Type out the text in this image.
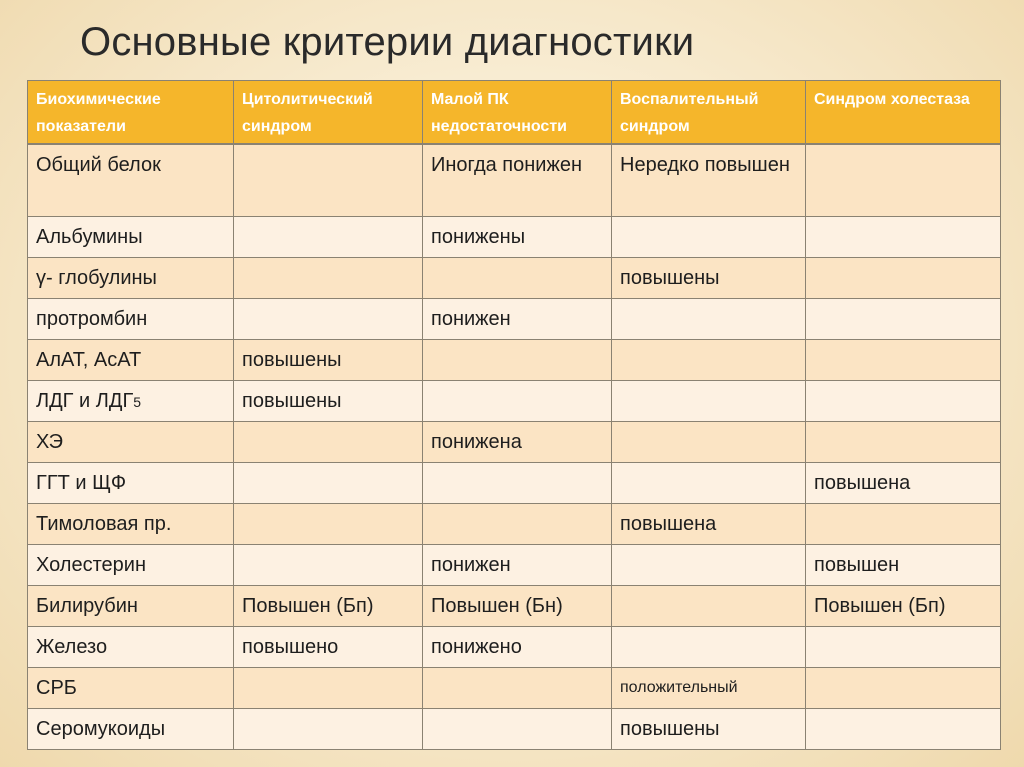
Основные критерии диагностики
Биохимические показатели	Цитолитический синдром	Малой ПК недостаточности	Воспалительный синдром	Синдром холестаза
Общий белок		Иногда понижен	Нередко повышен	
Альбумины		понижены		
γ- глобулины			повышены	
протромбин		понижен		
АлАТ, АсАТ	повышены			
ЛДГ и ЛДГ5	повышены			
ХЭ		понижена		
ГГТ и ЩФ				повышена
Тимоловая пр.			повышена	
Холестерин		понижен		повышен
Билирубин	Повышен (Бп)	Повышен (Бн)		Повышен (Бп)
Железо	повышено	понижено		
СРБ			положительный	
Серомукоиды			повышены	
